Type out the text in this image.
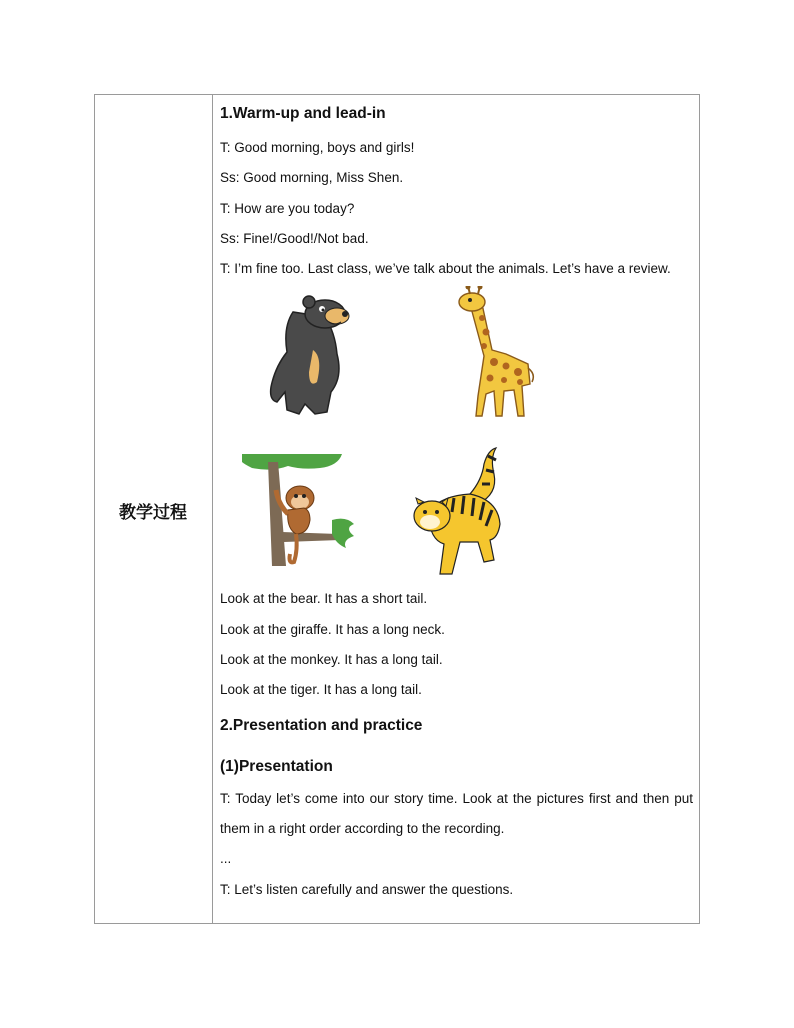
教学过程

1.Warm-up and lead-in

T: Good morning, boys and girls!

Ss: Good morning, Miss Shen.

T: How are you today?

Ss: Fine!/Good!/Not bad.

T: I’m fine too. Last class, we’ve talk about the animals. Let’s have a review.

Look at the bear. It has a short tail.

Look at the giraffe. It has a long neck.

Look at the monkey. It has a long tail.

Look at the tiger. It has a long tail.

2.Presentation and practice

(1)Presentation

T: Today let’s come into our story time. Look at the pictures first and then put them in a right order according to the recording.

...

T: Let’s listen carefully and answer the questions.
